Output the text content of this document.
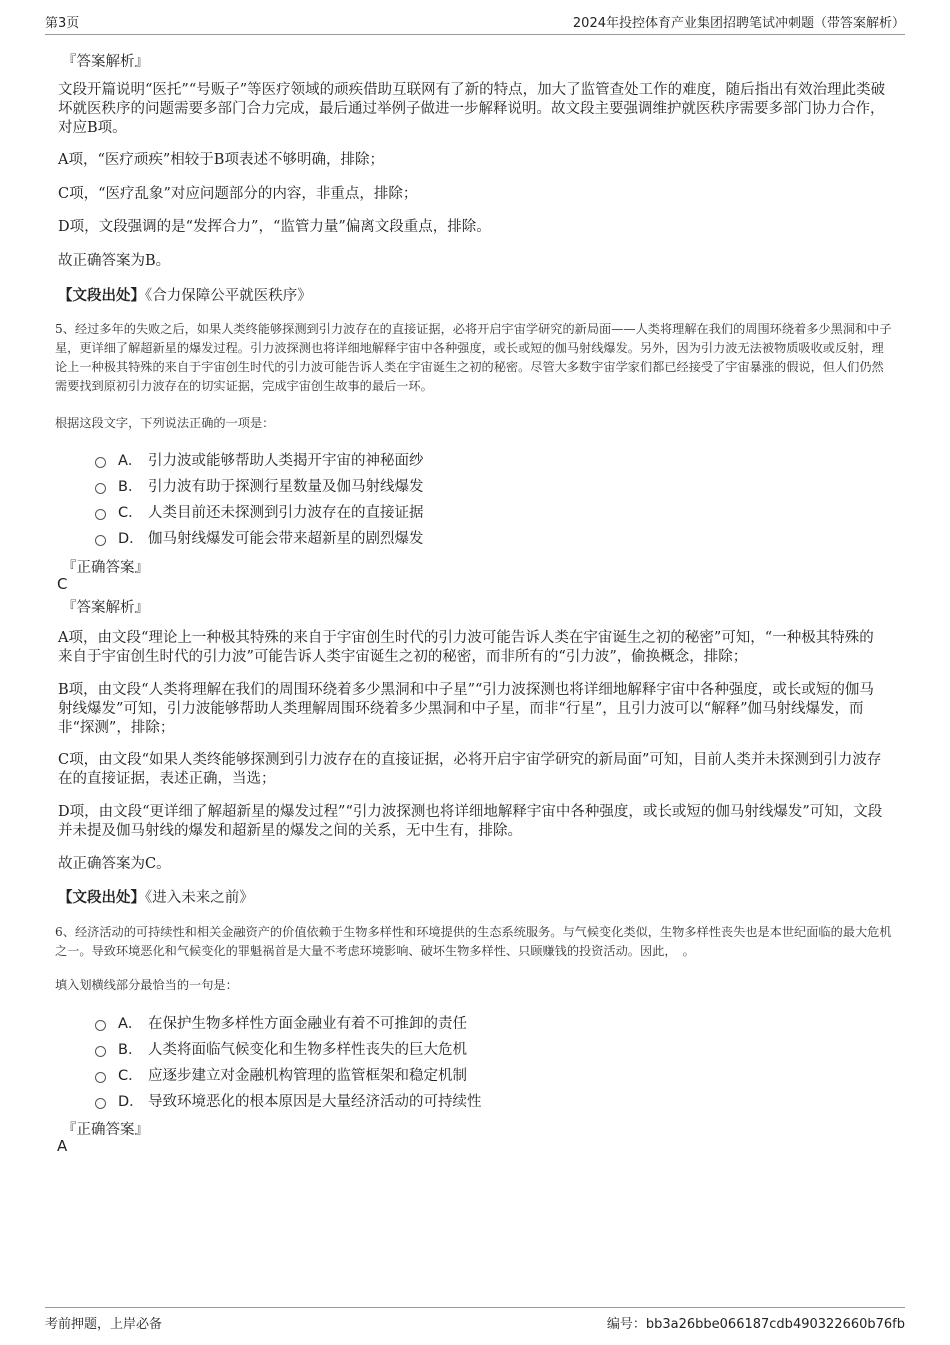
第3页	2024年投控体育产业集团招聘笔试冲刺题（带答案解析）
『答案解析』
文段开篇说明“医托”“号贩子”等医疗领域的顽疾借助互联网有了新的特点，加大了监管查处工作的难度，随后指出有效治理此类破坏就医秩序的问题需要多部门合力完成，最后通过举例子做进一步解释说明。故文段主要强调维护就医秩序需要多部门协力合作，对应B项。
A项，“医疗顽疾”相较于B项表述不够明确，排除；
C项，“医疗乱象”对应问题部分的内容，非重点，排除；
D项，文段强调的是“发挥合力”，“监管力量”偏离文段重点，排除。
故正确答案为B。
【文段出处】《合力保障公平就医秩序》
5、经过多年的失败之后，如果人类终能够探测到引力波存在的直接证据，必将开启宇宙学研究的新局面——人类将理解在我们的周围环绕着多少黑洞和中子星，更详细了解超新星的爆发过程。引力波探测也将详细地解释宇宙中各种强度，或长或短的伽马射线爆发。另外，因为引力波无法被物质吸收或反射，理论上一种极其特殊的来自于宇宙创生时代的引力波可能告诉人类在宇宙诞生之初的秘密。尽管大多数宇宙学家们都已经接受了宇宙暴涨的假说，但人们仍然需要找到原初引力波存在的切实证据，完成宇宙创生故事的最后一环。
根据这段文字，下列说法正确的一项是：
A． 引力波或能够帮助人类揭开宇宙的神秘面纱
B． 引力波有助于探测行星数量及伽马射线爆发
C． 人类目前还未探测到引力波存在的直接证据
D． 伽马射线爆发可能会带来超新星的剧烈爆发
『正确答案』
C
『答案解析』
A项，由文段“理论上一种极其特殊的来自于宇宙创生时代的引力波可能告诉人类在宇宙诞生之初的秘密”可知，“一种极其特殊的来自于宇宙创生时代的引力波”可能告诉人类宇宙诞生之初的秘密，而非所有的“引力波”，偷换概念，排除；
B项，由文段“人类将理解在我们的周围环绕着多少黑洞和中子星”“引力波探测也将详细地解释宇宙中各种强度，或长或短的伽马射线爆发”可知，引力波能够帮助人类理解周围环绕着多少黑洞和中子星，而非“行星”，且引力波可以“解释”伽马射线爆发，而非“探测”，排除；
C项，由文段“如果人类终能够探测到引力波存在的直接证据，必将开启宇宙学研究的新局面”可知，目前人类并未探测到引力波存在的直接证据，表述正确，当选；
D项，由文段“更详细了解超新星的爆发过程”“引力波探测也将详细地解释宇宙中各种强度，或长或短的伽马射线爆发”可知，文段并未提及伽马射线的爆发和超新星的爆发之间的关系，无中生有，排除。
故正确答案为C。
【文段出处】《进入未来之前》
6、经济活动的可持续性和相关金融资产的价值依赖于生物多样性和环境提供的生态系统服务。与气候变化类似，生物多样性丧失也是本世纪面临的最大危机之一。导致环境恶化和气候变化的罪魁祸首是大量不考虑环境影响、破坏生物多样性、只顾赚钱的投资活动。因此，　。
填入划横线部分最恰当的一句是：
A． 在保护生物多样性方面金融业有着不可推卸的责任
B． 人类将面临气候变化和生物多样性丧失的巨大危机
C． 应逐步建立对金融机构管理的监管框架和稳定机制
D． 导致环境恶化的根本原因是大量经济活动的可持续性
『正确答案』
A
考前押题，上岸必备	编号：bb3a26bbe066187cdb490322660b76fb
